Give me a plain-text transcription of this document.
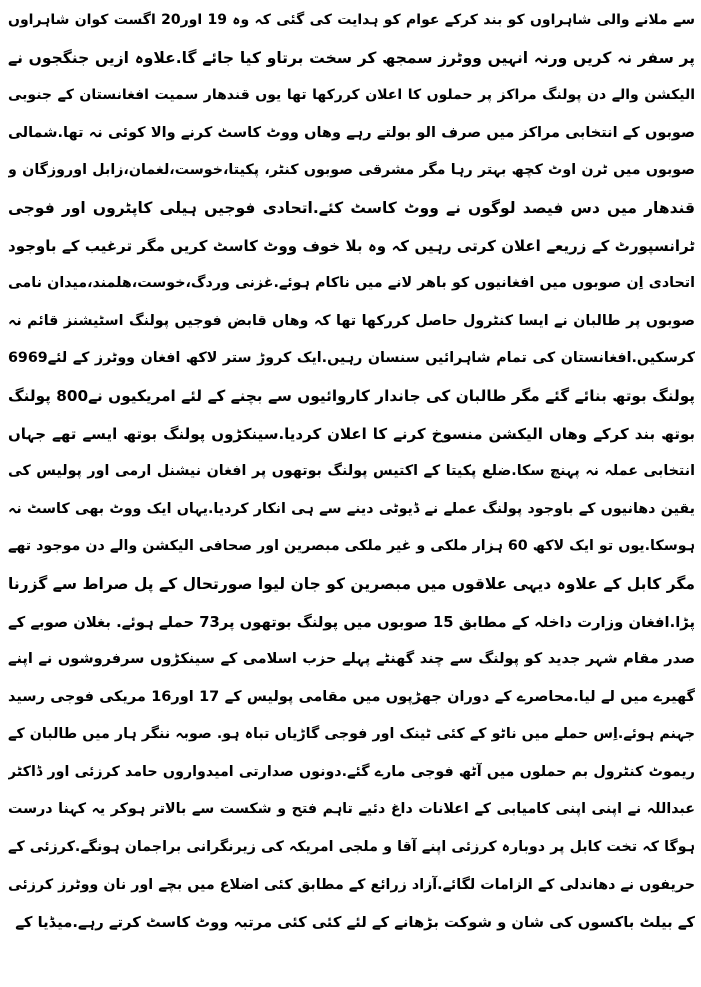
سے ملانے والی شاہراوں کو بند کرکے عوام کو ہدایت کی گئی کہ وہ 19 اور20 اگست کوان شاہراوں
پر سفر نہ کریں ورنہ انہیں ووٹرز سمجھ کر سخت برتاو کیا جائے گا.علاوہ ازیں جنگجوں نے
الیکشن والے دن پولنگ مراکز پر حملوں کا اعلان کررکھا تھا یوں قندھار سمیت افغانستان کے جنوبی
صوبوں کے انتخابی مراکز میں صرف الو بولتے رہے وھاں ووٹ کاسٹ کرنے والا کوئی نہ تھا.شمالی
صوبوں میں ٹرن اوٹ کچھ بہتر رہا مگر مشرقی صوبوں کنٹر، پکیتا،خوست،لغمان،زابل اوروزگان و
قندھار میں دس فیصد لوگوں نے ووٹ کاسٹ کئے.اتحادی فوجیں ہیلی کاپٹروں اور فوجی
ٹرانسپورٹ کے زریعے اعلان کرتی رہیں کہ وہ بلا خوف ووٹ کاسٹ کریں مگر ترغیب کے باوجود
اتحادی اِن صوبوں میں افغانیوں کو باھر لانے میں ناکام ہوئے.غزنی وردگ،خوست،ھلمند،میدان نامی
صوبوں پر طالبان نے ایسا کنٹرول حاصل کررکھا تھا کہ وھاں قابض فوجیں پولنگ اسٹیشنز قائم نہ
کرسکیں.افغانستان کی تمام شاہرائیں سنسان رہیں.ایک کروڑ ستر لاکھ افغان ووٹرز کے لئے6969
پولنگ بوتھ بنائے گئے مگر طالبان کی جاندار کاروائیوں سے بچنے کے لئے امریکیوں نے800 پولنگ
بوتھ بند کرکے وھاں الیکشن منسوخ کرنے کا اعلان کردیا.سینکڑوں پولنگ بوتھ ایسے تھے جہاں
انتخابی عملہ نہ پہنچ سکا.ضلع پکیتا کے اکتیس پولنگ بوتھوں پر افغان نیشنل ارمی اور پولیس کی
یقین دھانیوں کے باوجود پولنگ عملے نے ڈیوٹی دینے سے ہی انکار کردیا.یہاں ایک ووٹ بھی کاسٹ نہ
ہوسکا.یوں تو ایک لاکھ 60 ہزار ملکی و غیر ملکی مبصرین اور صحافی الیکشن والے دن موجود تھے
مگر کابل کے علاوہ دیہی علاقوں میں مبصرین کو جان لیوا صورتحال کے پل صراط سے گزرنا
پڑا.افغان وزارت داخلہ کے مطابق 15 صوبوں میں پولنگ بوتھوں پر73 حملے ہوئے. بغلان صوبے کے
صدر مقام شہر جدید کو پولنگ سے چند گھنٹے پہلے حزب اسلامی کے سینکڑوں سرفروشوں نے اپنے
گھیرے میں لے لیا.محاصرے کے دوران جھڑپوں میں مقامی پولیس کے 17 اور16 مریکی فوجی رسید
جہنم ہوئے.اِس حملے میں ناٹو کے کئی ٹینک اور فوجی گاڑیاں تباہ ہو. صوبہ ننگر ہار میں طالبان کے
ریموٹ کنٹرول بم حملوں میں آٹھ فوجی مارے گئے.دونوں صدارتی امیدواروں حامد کرزئی اور ڈاکٹر
عبداللہ نے اپنی اپنی کامیابی کے اعلانات داغ دئیے تاہم فتح و شکست سے بالاتر ہوکر یہ کہنا درست
ہوگا کہ تخت کابل پر دوبارہ کرزئی اپنے آقا و ملجی امریکہ کی زیرنگرانی براجمان ہونگے.کرزئی کے
حریفوں نے دھاندلی کے الزامات لگائے.آزاد زرائع کے مطابق کئی اضلاع میں بچے اور نان ووٹرز کرزئی
کے بیلٹ باکسوں کی شان و شوکت بڑھانے کے لئے کئی کئی مرتبہ ووٹ کاسٹ کرتے رہے.میڈیا کے
